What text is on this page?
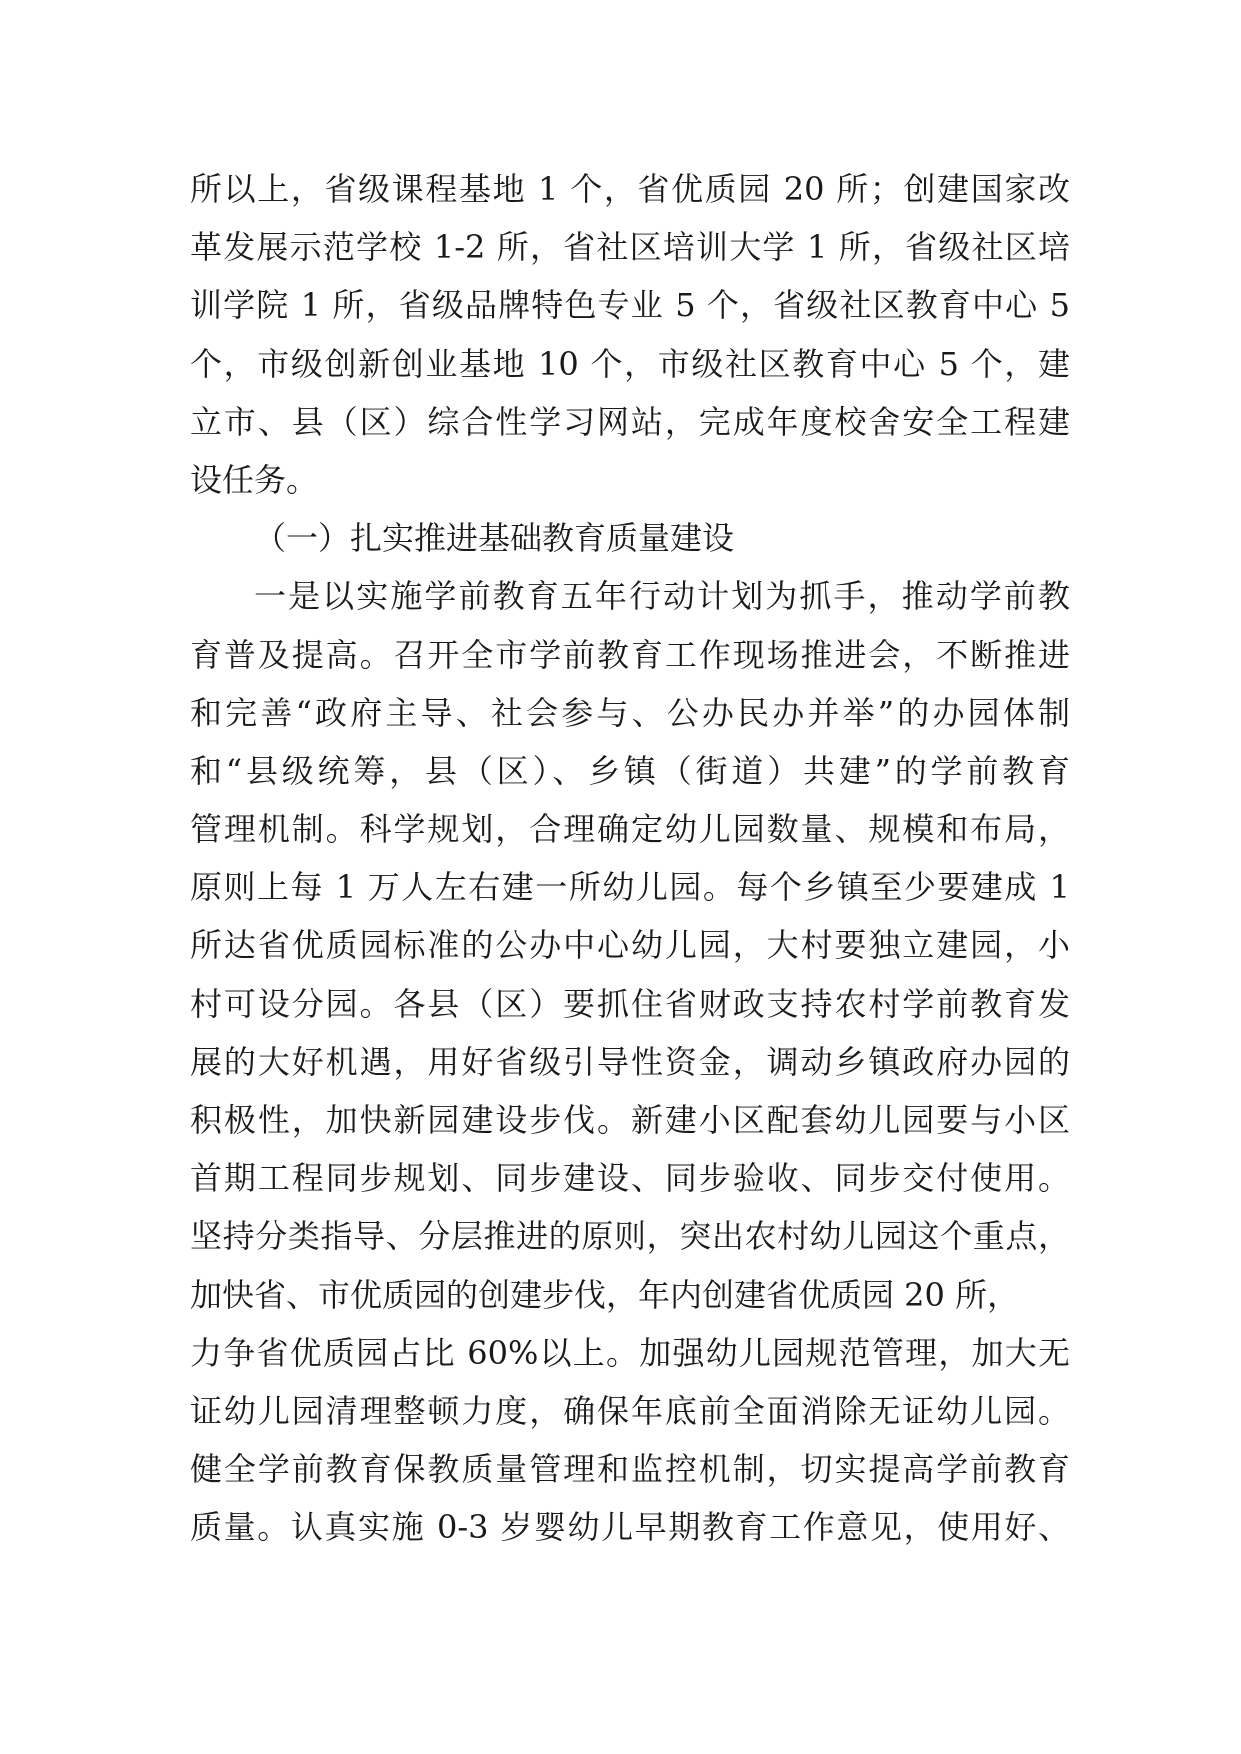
所以上，省级课程基地 1 个，省优质园 20 所；创建国家改
革发展示范学校 1-2 所，省社区培训大学 1 所，省级社区培
训学院 1 所，省级品牌特色专业 5 个，省级社区教育中心 5
个，市级创新创业基地 10 个，市级社区教育中心 5 个，建
立市、县（区）综合性学习网站，完成年度校舍安全工程建
设任务。
（一）扎实推进基础教育质量建设
一是以实施学前教育五年行动计划为抓手，推动学前教
育普及提高。召开全市学前教育工作现场推进会，不断推进
和完善“政府主导、社会参与、公办民办并举”的办园体制
和“县级统筹，县（区）、乡镇（街道）共建”的学前教育
管理机制。科学规划，合理确定幼儿园数量、规模和布局，
原则上每 1 万人左右建一所幼儿园。每个乡镇至少要建成 1
所达省优质园标准的公办中心幼儿园，大村要独立建园，小
村可设分园。各县（区）要抓住省财政支持农村学前教育发
展的大好机遇，用好省级引导性资金，调动乡镇政府办园的
积极性，加快新园建设步伐。新建小区配套幼儿园要与小区
首期工程同步规划、同步建设、同步验收、同步交付使用。
坚持分类指导、分层推进的原则，突出农村幼儿园这个重点，
加快省、市优质园的创建步伐，年内创建省优质园 20 所，
力争省优质园占比 60%以上。加强幼儿园规范管理，加大无
证幼儿园清理整顿力度，确保年底前全面消除无证幼儿园。
健全学前教育保教质量管理和监控机制，切实提高学前教育
质量。认真实施 0-3 岁婴幼儿早期教育工作意见，使用好、
